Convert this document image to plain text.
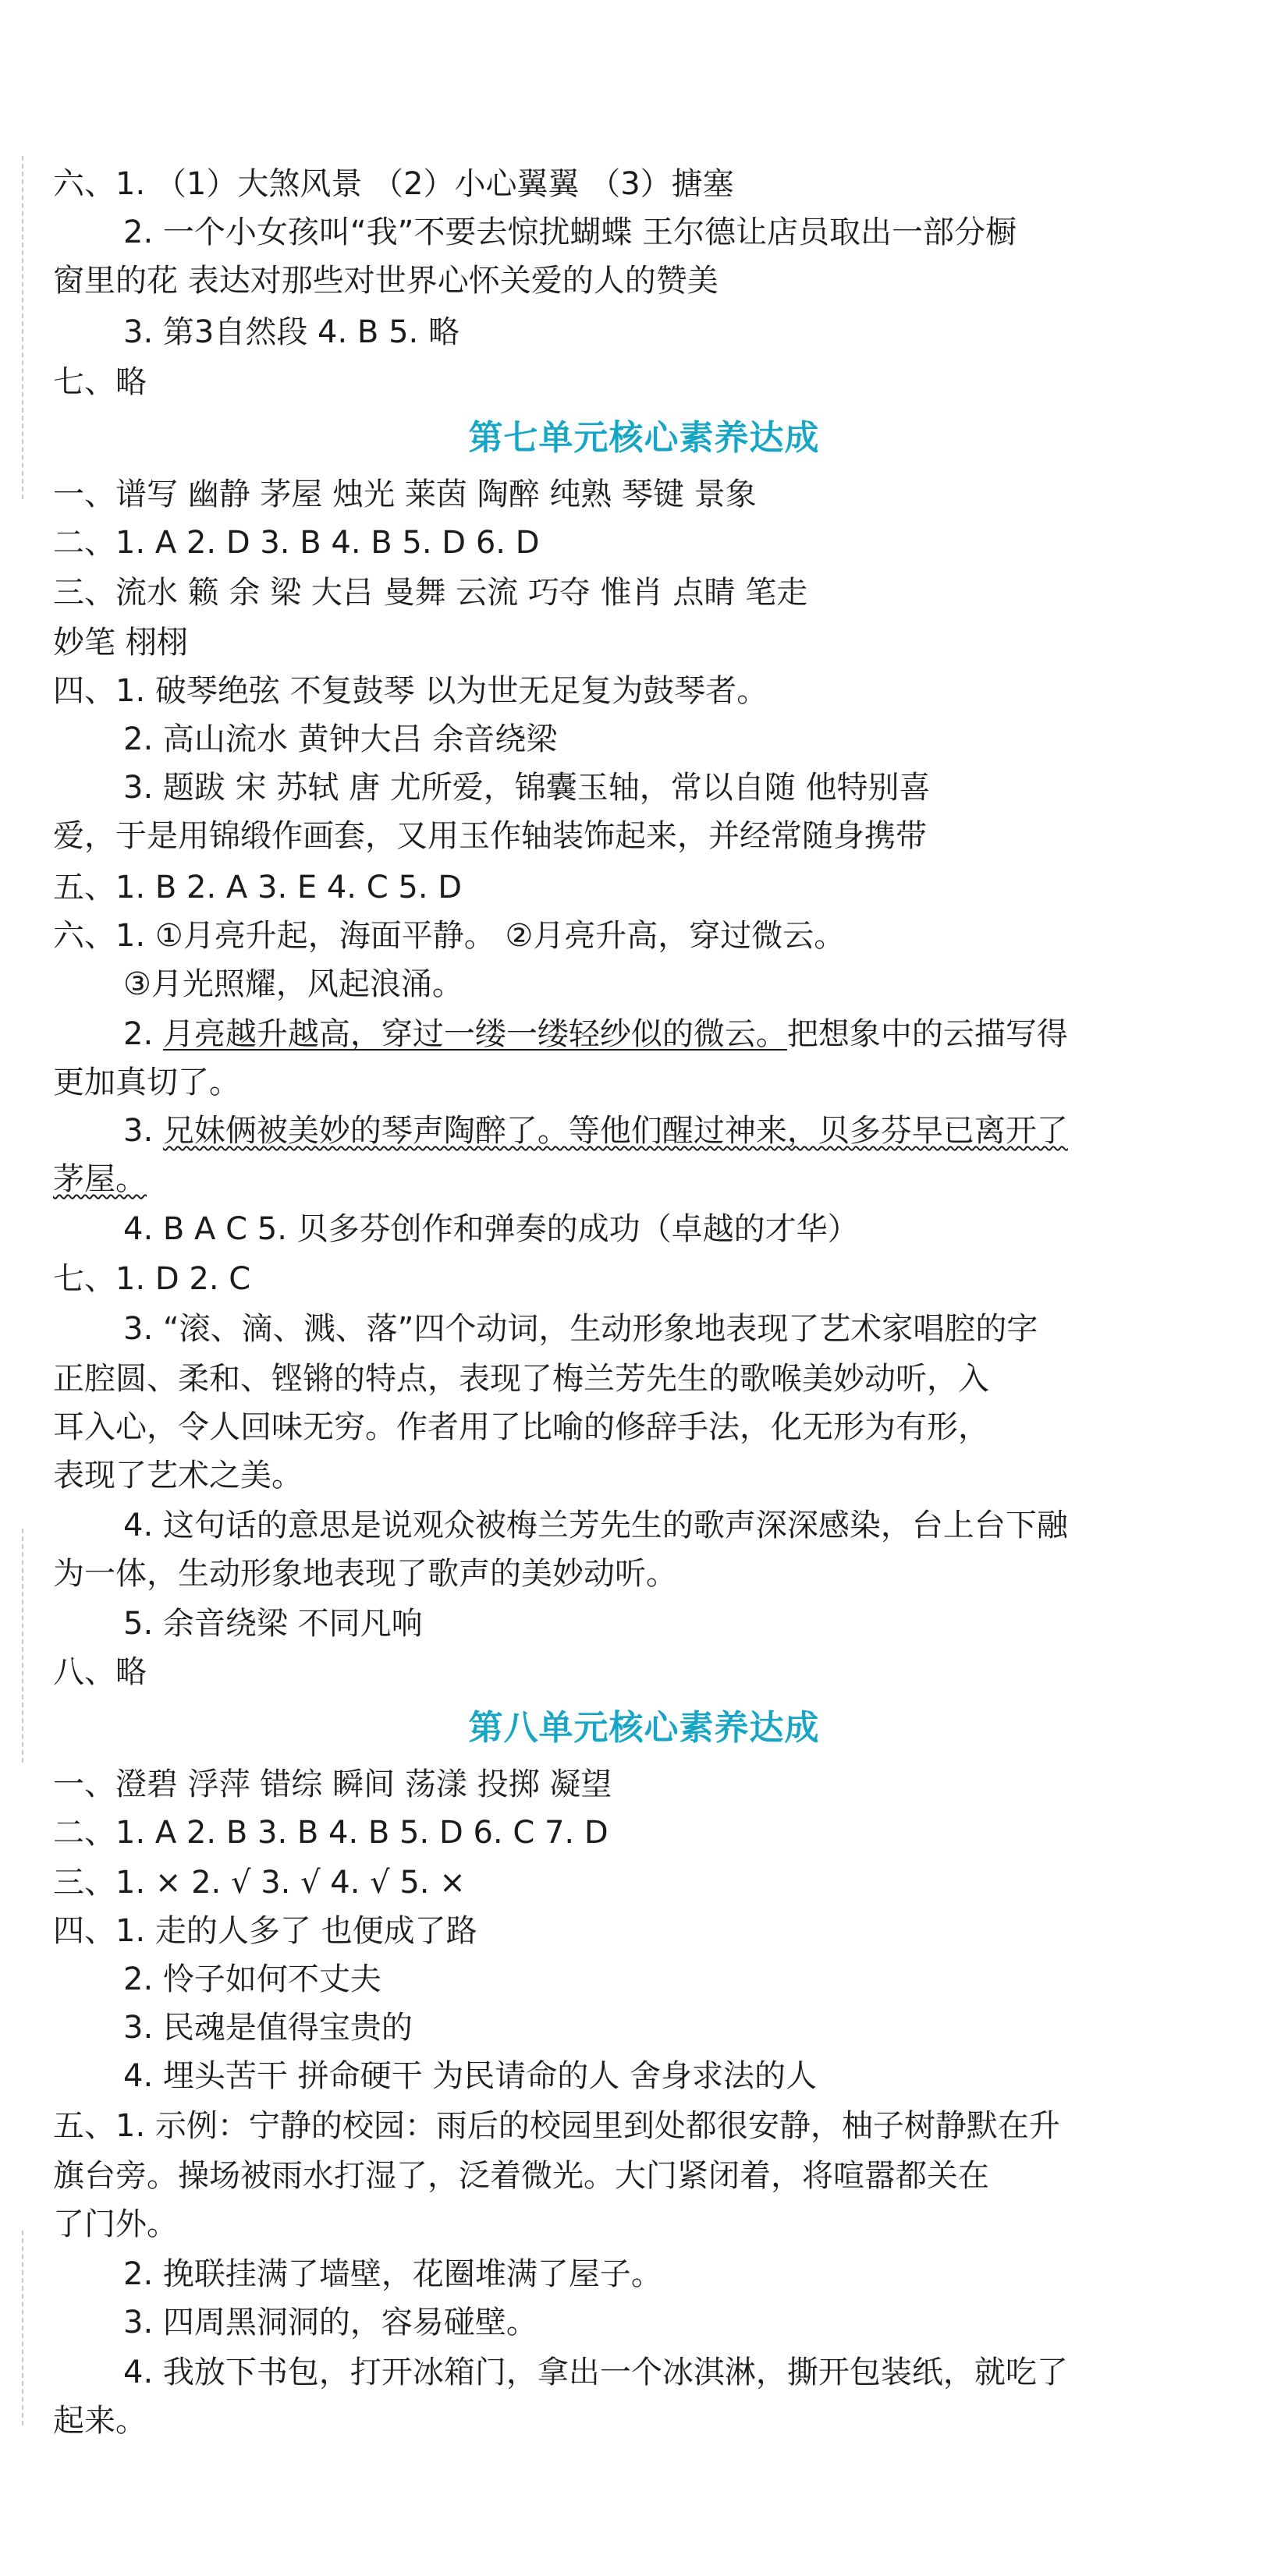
六、1. （1）大煞风景 （2）小心翼翼 （3）搪塞
2. 一个小女孩叫“我”不要去惊扰蝴蝶 王尔德让店员取出一部分橱
窗里的花 表达对那些对世界心怀关爱的人的赞美
3. 第3自然段 4. B 5. 略
七、略
第七单元核心素养达成
一、谱写 幽静 茅屋 烛光 莱茵 陶醉 纯熟 琴键 景象
二、1. A 2. D 3. B 4. B 5. D 6. D
三、流水 籁 余 梁 大吕 曼舞 云流 巧夺 惟肖 点睛 笔走
妙笔 栩栩
四、1. 破琴绝弦 不复鼓琴 以为世无足复为鼓琴者。
2. 高山流水 黄钟大吕 余音绕梁
3. 题跋 宋 苏轼 唐 尤所爱，锦囊玉轴，常以自随 他特别喜
爱，于是用锦缎作画套，又用玉作轴装饰起来，并经常随身携带
五、1. B 2. A 3. E 4. C 5. D
六、1. ①月亮升起，海面平静。 ②月亮升高，穿过微云。
③月光照耀，风起浪涌。
2. 月亮越升越高，穿过一缕一缕轻纱似的微云。把想象中的云描写得
更加真切了。
3. 兄妹俩被美妙的琴声陶醉了。等他们醒过神来，贝多芬早已离开了
茅屋。
4. B A C 5. 贝多芬创作和弹奏的成功（卓越的才华）
七、1. D 2. C
3. “滚、滴、溅、落”四个动词，生动形象地表现了艺术家唱腔的字
正腔圆、柔和、铿锵的特点，表现了梅兰芳先生的歌喉美妙动听，入
耳入心，令人回味无穷。作者用了比喻的修辞手法，化无形为有形，
表现了艺术之美。
4. 这句话的意思是说观众被梅兰芳先生的歌声深深感染，台上台下融
为一体，生动形象地表现了歌声的美妙动听。
5. 余音绕梁 不同凡响
八、略
第八单元核心素养达成
一、澄碧 浮萍 错综 瞬间 荡漾 投掷 凝望
二、1. A 2. B 3. B 4. B 5. D 6. C 7. D
三、1. × 2. √ 3. √ 4. √ 5. ×
四、1. 走的人多了 也便成了路
2. 怜子如何不丈夫
3. 民魂是值得宝贵的
4. 埋头苦干 拼命硬干 为民请命的人 舍身求法的人
五、1. 示例：宁静的校园：雨后的校园里到处都很安静，柚子树静默在升
旗台旁。操场被雨水打湿了，泛着微光。大门紧闭着，将喧嚣都关在
了门外。
2. 挽联挂满了墙壁，花圈堆满了屋子。
3. 四周黑洞洞的，容易碰壁。
4. 我放下书包，打开冰箱门，拿出一个冰淇淋，撕开包装纸，就吃了
起来。
